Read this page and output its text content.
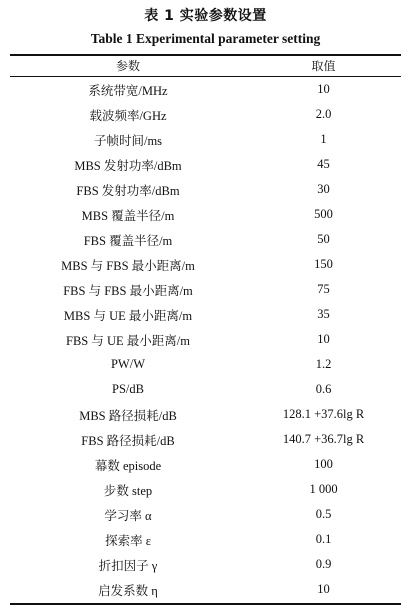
表 1 实验参数设置
Table 1 Experimental parameter setting
参数	取值
系统带宽/MHz	10
载波频率/GHz	2.0
子帧时间/ms	1
MBS 发射功率/dBm	45
FBS 发射功率/dBm	30
MBS 覆盖半径/m	500
FBS 覆盖半径/m	50
MBS 与 FBS 最小距离/m	150
FBS 与 FBS 最小距离/m	75
MBS 与 UE 最小距离/m	35
FBS 与 UE 最小距离/m	10
PW/W	1.2
PS/dB	0.6
MBS 路径损耗/dB	128.1 +37.6lg R
FBS 路径损耗/dB	140.7 +36.7lg R
幕数 episode	100
步数 step	1 000
学习率 α	0.5
探索率 ε	0.1
折扣因子 γ	0.9
启发系数 η	10
